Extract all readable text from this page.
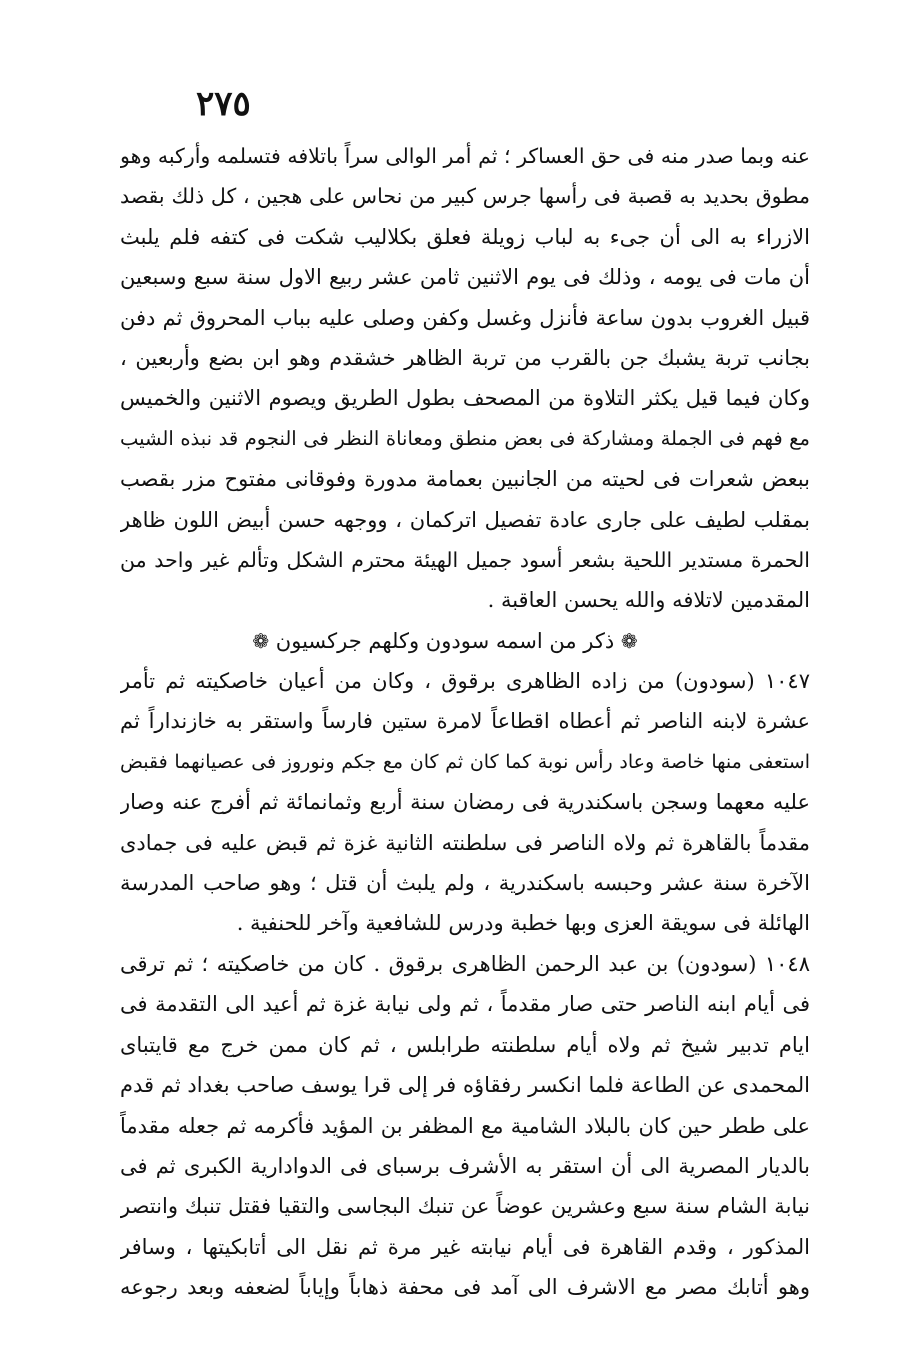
٢٧٥
عنه وبما صدر منه فى حق العساكر ؛ ثم أمر الوالى سراً باتلافه فتسلمه وأركبه وهو
مطوق بحديد به قصبة فى رأسها جرس كبير من نحاس على هجين ، كل ذلك بقصد
الازراء به الى أن جىء به لباب زويلة فعلق بكلاليب شكت فى كتفه فلم يلبث
أن مات فى يومه ، وذلك فى يوم الاثنين ثامن عشر ربيع الاول سنة سبع وسبعين
قبيل الغروب بدون ساعة فأنزل وغسل وكفن وصلى عليه بباب المحروق ثم دفن
بجانب تربة يشبك جن بالقرب من تربة الظاهر خشقدم وهو ابن بضع وأربعين ،
وكان فيما قيل يكثر التلاوة من المصحف بطول الطريق ويصوم الاثنين والخميس
مع فهم فى الجملة ومشاركة فى بعض منطق ومعاناة النظر فى النجوم قد نبذه الشيب
ببعض شعرات فى لحيته من الجانبين بعمامة مدورة وفوقانى مفتوح مزر بقصب
بمقلب لطيف على جارى عادة تفصيل اتركمان ، ووجهه حسن أبيض اللون ظاهر
الحمرة مستدير اللحية بشعر أسود جميل الهيئة محترم الشكل وتألم غير واحد من
المقدمين لاتلافه والله يحسن العاقبة .
❁ ذكر من اسمه سودون وكلهم جركسيون ❁
١٠٤٧ (سودون) من زاده الظاهرى برقوق ، وكان من أعيان خاصكيته ثم تأمر
عشرة لابنه الناصر ثم أعطاه اقطاعاً لامرة ستين فارساً واستقر به خازنداراً ثم
استعفى منها خاصة وعاد رأس نوبة كما كان ثم كان مع جكم ونوروز فى عصيانهما فقبض
عليه معهما وسجن باسكندرية فى رمضان سنة أربع وثمانمائة ثم أفرج عنه وصار
مقدماً بالقاهرة ثم ولاه الناصر فى سلطنته الثانية غزة ثم قبض عليه فى جمادى
الآخرة سنة عشر وحبسه باسكندرية ، ولم يلبث أن قتل ؛ وهو صاحب المدرسة
الهائلة فى سويقة العزى وبها خطبة ودرس للشافعية وآخر للحنفية .
١٠٤٨ (سودون) بن عبد الرحمن الظاهرى برقوق . كان من خاصكيته ؛ ثم ترقى
فى أيام ابنه الناصر حتى صار مقدماً ، ثم ولى نيابة غزة ثم أعيد الى التقدمة فى
ايام تدبير شيخ ثم ولاه أيام سلطنته طرابلس ، ثم كان ممن خرج مع قايتباى
المحمدى عن الطاعة فلما انكسر رفقاؤه فر إلى قرا يوسف صاحب بغداد ثم قدم
على ططر حين كان بالبلاد الشامية مع المظفر بن المؤيد فأكرمه ثم جعله مقدماً
بالديار المصرية الى أن استقر به الأشرف برسباى فى الدوادارية الكبرى ثم فى
نيابة الشام سنة سبع وعشرين عوضاً عن تنبك البجاسى والتقيا فقتل تنبك وانتصر
المذكور ، وقدم القاهرة فى أيام نيابته غير مرة ثم نقل الى أتابكيتها ، وسافر
وهو أتابك مصر مع الاشرف الى آمد فى محفة ذهاباً وإياباً لضعفه وبعد رجوعه
